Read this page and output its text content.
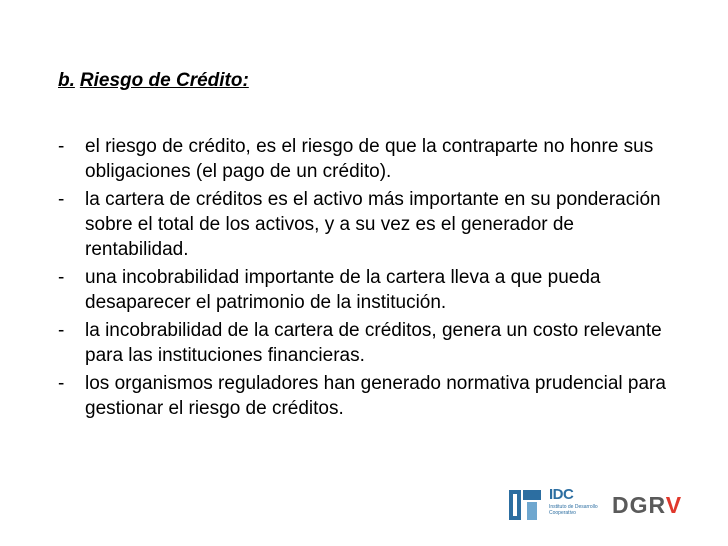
b. Riesgo de Crédito:
-	el riesgo de crédito, es el riesgo de que la contraparte no honre sus obligaciones (el pago de un crédito).
-	la cartera de créditos es el activo más importante en su ponderación sobre el total de los activos, y a su vez es el generador de rentabilidad.
-	una incobrabilidad importante de la cartera lleva a que pueda desaparecer el patrimonio de la institución.
-	la incobrabilidad de la cartera de créditos, genera un costo relevante para las instituciones financieras.
-	los organismos reguladores han generado normativa prudencial para gestionar el riesgo de créditos.
IDC
Instituto de Desarrollo Cooperativo	DGRV
